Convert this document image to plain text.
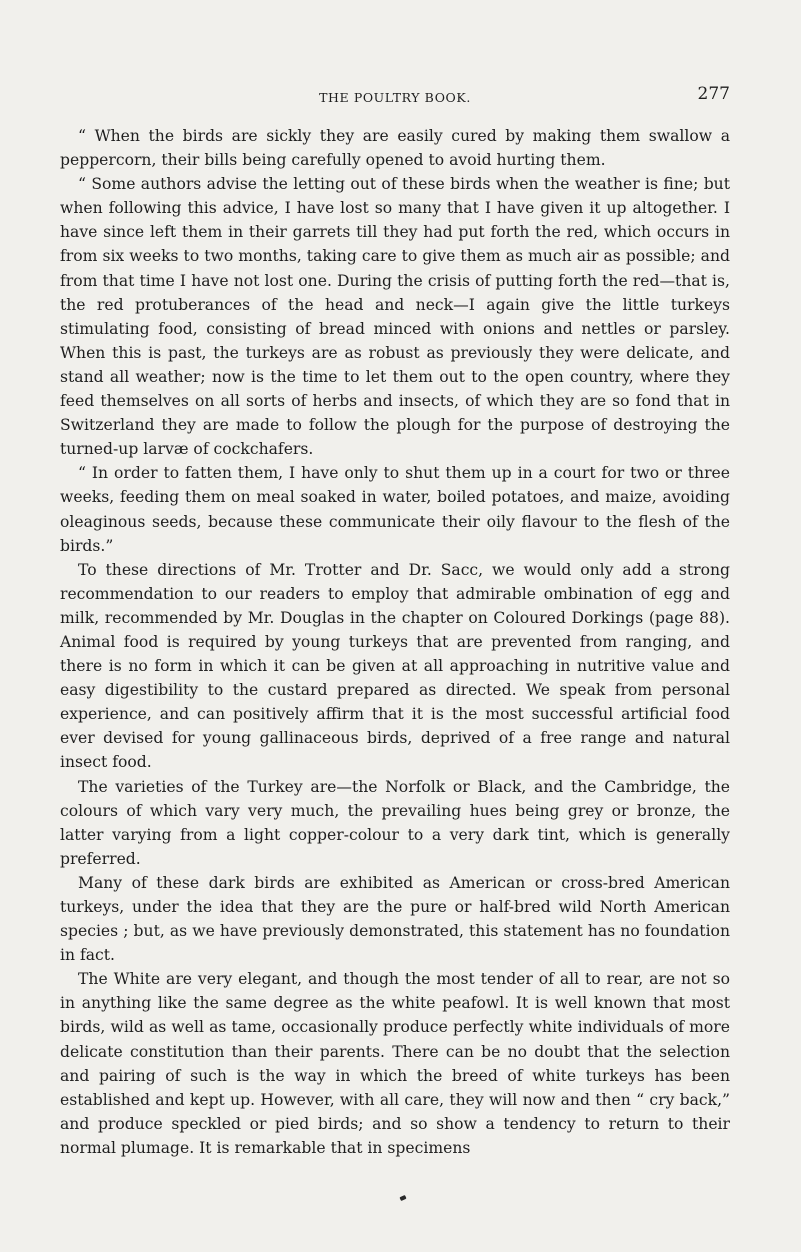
THE POULTRY BOOK.	277

“ When the birds are sickly they are easily cured by making them swallow a peppercorn, their bills being carefully opened to avoid hurting them.

“ Some authors advise the letting out of these birds when the weather is fine; but when following this advice, I have lost so many that I have given it up altogether. I have since left them in their garrets till they had put forth the red, which occurs in from six weeks to two months, taking care to give them as much air as possible; and from that time I have not lost one. During the crisis of putting forth the red—that is, the red protuberances of the head and neck—I again give the little turkeys stimulating food, consisting of bread minced with onions and nettles or parsley. When this is past, the turkeys are as robust as previously they were delicate, and stand all weather; now is the time to let them out to the open country, where they feed themselves on all sorts of herbs and insects, of which they are so fond that in Switzerland they are made to follow the plough for the purpose of destroying the turned-up larvæ of cockchafers.

“ In order to fatten them, I have only to shut them up in a court for two or three weeks, feeding them on meal soaked in water, boiled potatoes, and maize, avoiding oleaginous seeds, because these communicate their oily flavour to the flesh of the birds.”

To these directions of Mr. Trotter and Dr. Sacc, we would only add a strong recommendation to our readers to employ that admirable ombination of egg and milk, recommended by Mr. Douglas in the chapter on Coloured Dorkings (page 88). Animal food is required by young turkeys that are prevented from ranging, and there is no form in which it can be given at all approaching in nutritive value and easy digestibility to the custard prepared as directed. We speak from personal experience, and can positively affirm that it is the most successful artificial food ever devised for young gallinaceous birds, deprived of a free range and natural insect food.

The varieties of the Turkey are—the Norfolk or Black, and the Cambridge, the colours of which vary very much, the prevailing hues being grey or bronze, the latter varying from a light copper-colour to a very dark tint, which is generally preferred.

Many of these dark birds are exhibited as American or cross-bred American turkeys, under the idea that they are the pure or half-bred wild North American species ; but, as we have previously demonstrated, this statement has no foundation in fact.

The White are very elegant, and though the most tender of all to rear, are not so in anything like the same degree as the white peafowl. It is well known that most birds, wild as well as tame, occasionally produce perfectly white individuals of more delicate constitution than their parents. There can be no doubt that the selection and pairing of such is the way in which the breed of white turkeys has been established and kept up. However, with all care, they will now and then “ cry back,” and produce speckled or pied birds; and so show a tendency to return to their normal plumage. It is remarkable that in specimens
